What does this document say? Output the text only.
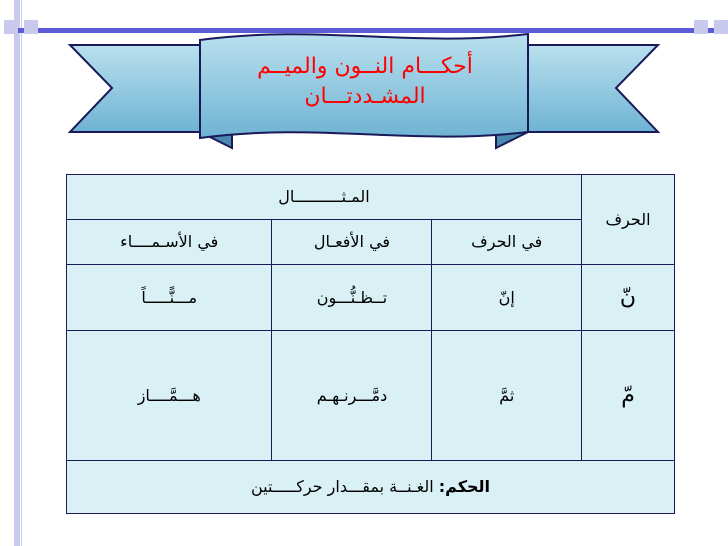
أحكـــام النــون والميــم
المشـددتـــان
الحرف	المـثــــــــــال		
	في الحرف	في الأفعـال	في الأسـمــــاء
نّ	إنّ	تــظـنُّـــون	مـــنًّـــــاً
مّ	ثمَّ	دمَّـــرنـهـم	هـــمَّــــاز
الحكم: الغـنــة بمقـــدار حركـــــتين			
